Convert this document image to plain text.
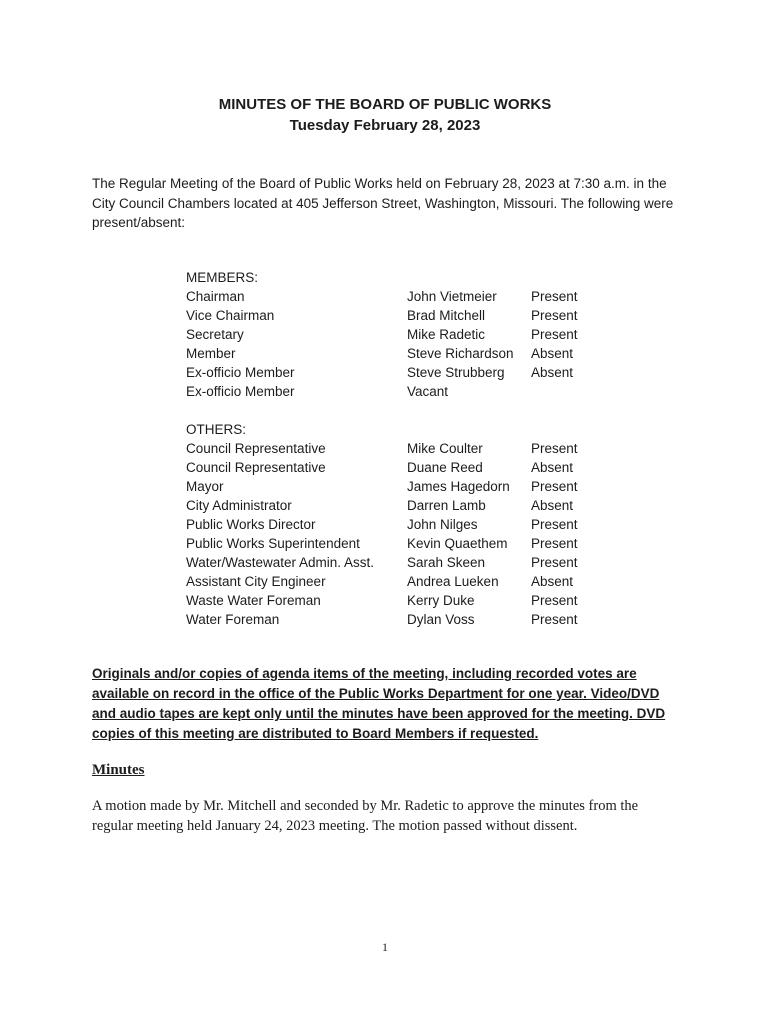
MINUTES OF THE BOARD OF PUBLIC WORKS
Tuesday February 28, 2023
The Regular Meeting of the Board of Public Works held on February 28, 2023 at 7:30 a.m. in the City Council Chambers located at 405 Jefferson Street, Washington, Missouri. The following were present/absent:
MEMBERS:
Chairman	John Vietmeier	Present
Vice Chairman	Brad Mitchell	Present
Secretary	Mike Radetic	Present
Member	Steve Richardson	Absent
Ex-officio Member	Steve Strubberg	Absent
Ex-officio Member	Vacant
OTHERS:
Council Representative	Mike Coulter	Present
Council Representative	Duane Reed	Absent
Mayor	James Hagedorn	Present
City Administrator	Darren Lamb	Absent
Public Works Director	John Nilges	Present
Public Works Superintendent	Kevin Quaethem	Present
Water/Wastewater Admin. Asst.	Sarah Skeen	Present
Assistant City Engineer	Andrea Lueken	Absent
Waste Water Foreman	Kerry Duke	Present
Water Foreman	Dylan Voss	Present
Originals and/or copies of agenda items of the meeting, including recorded votes are available on record in the office of the Public Works Department for one year. Video/DVD and audio tapes are kept only until the minutes have been approved for the meeting. DVD copies of this meeting are distributed to Board Members if requested.
Minutes
A motion made by Mr. Mitchell and seconded by Mr. Radetic to approve the minutes from the regular meeting held January 24, 2023 meeting. The motion passed without dissent.
1
